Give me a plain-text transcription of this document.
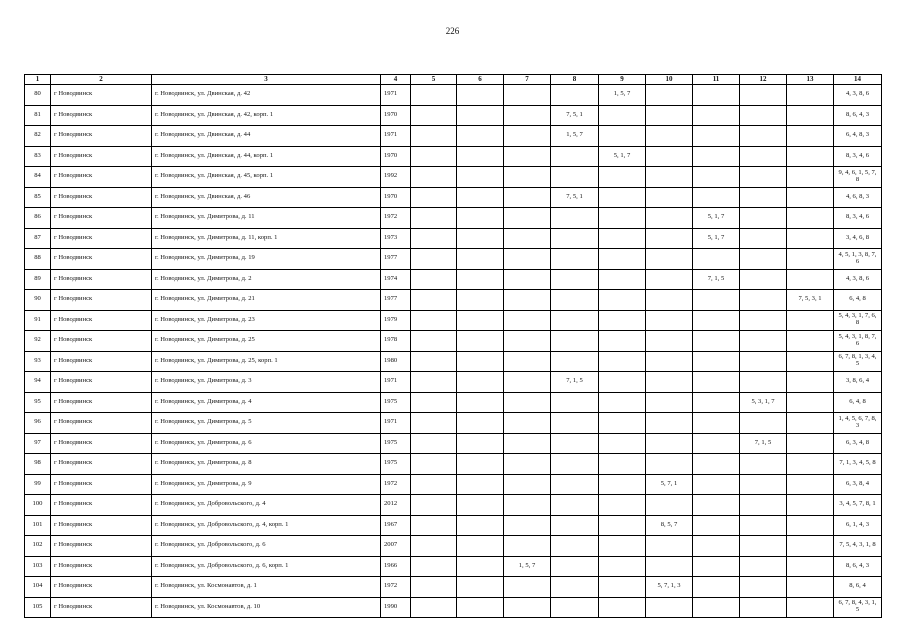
226
1	2	3	4	5	6	7	8	9	10	11	12	13	14
80	г Новодвинск	г. Новодвинск, ул. Двинская, д. 42	1971					1, 5, 7					4, 3, 8, 6
81	г Новодвинск	г. Новодвинск, ул. Двинская, д. 42, корп. 1	1970				7, 5, 1						8, 6, 4, 3
82	г Новодвинск	г. Новодвинск, ул. Двинская, д. 44	1971				1, 5, 7						6, 4, 8, 3
83	г Новодвинск	г. Новодвинск, ул. Двинская, д. 44, корп. 1	1970					5, 1, 7					8, 3, 4, 6
84	г Новодвинск	г. Новодвинск, ул. Двинская, д. 45, корп. 1	1992										9, 4, 6, 1, 5, 7, 8
85	г Новодвинск	г. Новодвинск, ул. Двинская, д. 46	1970				7, 5, 1						4, 6, 8, 3
86	г Новодвинск	г. Новодвинск, ул. Димитрова, д. 11	1972							5, 1, 7			8, 3, 4, 6
87	г Новодвинск	г. Новодвинск, ул. Димитрова, д. 11, корп. 1	1973							5, 1, 7			3, 4, 6, 8
88	г Новодвинск	г. Новодвинск, ул. Димитрова, д. 19	1977										4, 5, 1, 3, 8, 7, 6
89	г Новодвинск	г. Новодвинск, ул. Димитрова, д. 2	1974							7, 1, 5			4, 3, 8, 6
90	г Новодвинск	г. Новодвинск, ул. Димитрова, д. 21	1977									7, 5, 3, 1	6, 4, 8
91	г Новодвинск	г. Новодвинск, ул. Димитрова, д. 23	1979										5, 4, 3, 1, 7, 6, 8
92	г Новодвинск	г. Новодвинск, ул. Димитрова, д. 25	1978										5, 4, 3, 1, 8, 7, 6
93	г Новодвинск	г. Новодвинск, ул. Димитрова, д. 25, корп. 1	1980										6, 7, 8, 1, 3, 4, 5
94	г Новодвинск	г. Новодвинск, ул. Димитрова, д. 3	1971				7, 1, 5						3, 8, 6, 4
95	г Новодвинск	г. Новодвинск, ул. Димитрова, д. 4	1975								5, 3, 1, 7		6, 4, 8
96	г Новодвинск	г. Новодвинск, ул. Димитрова, д. 5	1971										1, 4, 5, 6, 7, 8, 3
97	г Новодвинск	г. Новодвинск, ул. Димитрова, д. 6	1975								7, 1, 5		6, 3, 4, 8
98	г Новодвинск	г. Новодвинск, ул. Димитрова, д. 8	1975										7, 1, 3, 4, 5, 8
99	г Новодвинск	г. Новодвинск, ул. Димитрова, д. 9	1972						5, 7, 1				6, 3, 8, 4
100	г Новодвинск	г. Новодвинск, ул. Добровольского, д. 4	2012										3, 4, 5, 7, 8, 1
101	г Новодвинск	г. Новодвинск, ул. Добровольского, д. 4, корп. 1	1967						8, 5, 7				6, 1, 4, 3
102	г Новодвинск	г. Новодвинск, ул. Добровольского, д. 6	2007										7, 5, 4, 3, 1, 8
103	г Новодвинск	г. Новодвинск, ул. Добровольского, д. 6, корп. 1	1966			1, 5, 7							8, 6, 4, 3
104	г Новодвинск	г. Новодвинск, ул. Космонавтов, д. 1	1972						5, 7, 1, 3				8, 6, 4
105	г Новодвинск	г. Новодвинск, ул. Космонавтов, д. 10	1990										6, 7, 8, 4, 3, 1, 5
